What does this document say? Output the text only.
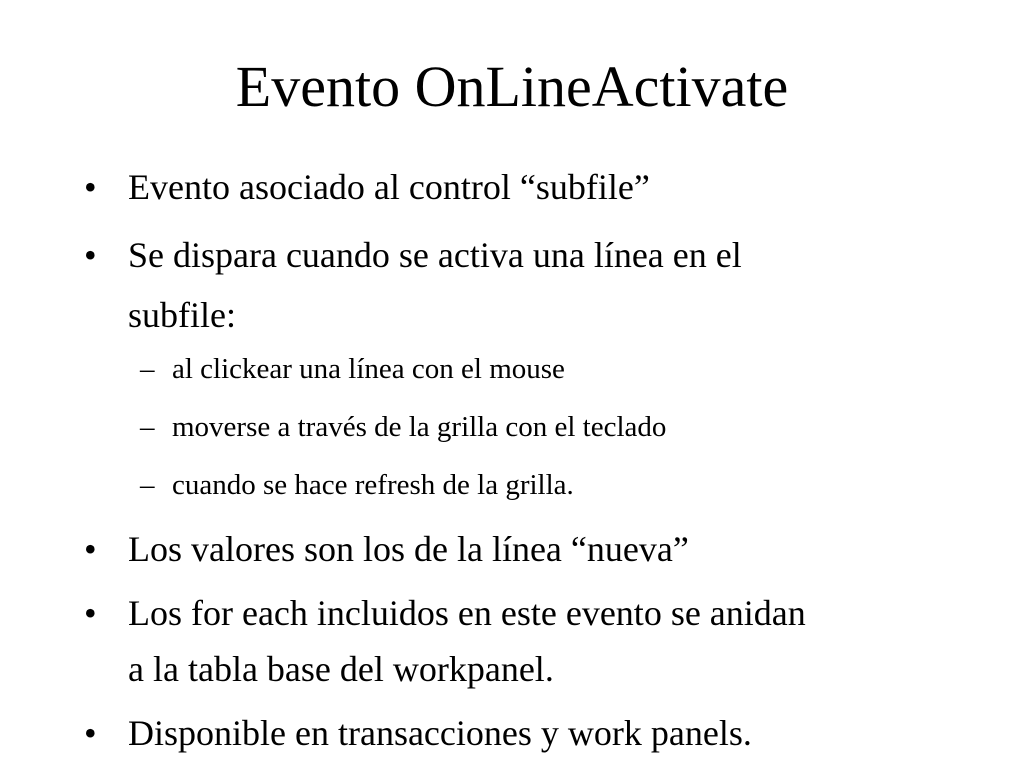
Evento OnLineActivate
• Evento asociado al control “subfile”
• Se dispara cuando se activa una línea en el
subfile:
– al clickear una línea con el mouse
– moverse a través de la grilla con el teclado
– cuando se hace refresh de la grilla.
• Los valores son los de la línea “nueva”
• Los for each incluidos en este evento se anidan
a la tabla base del workpanel.
• Disponible en transacciones y work panels.
